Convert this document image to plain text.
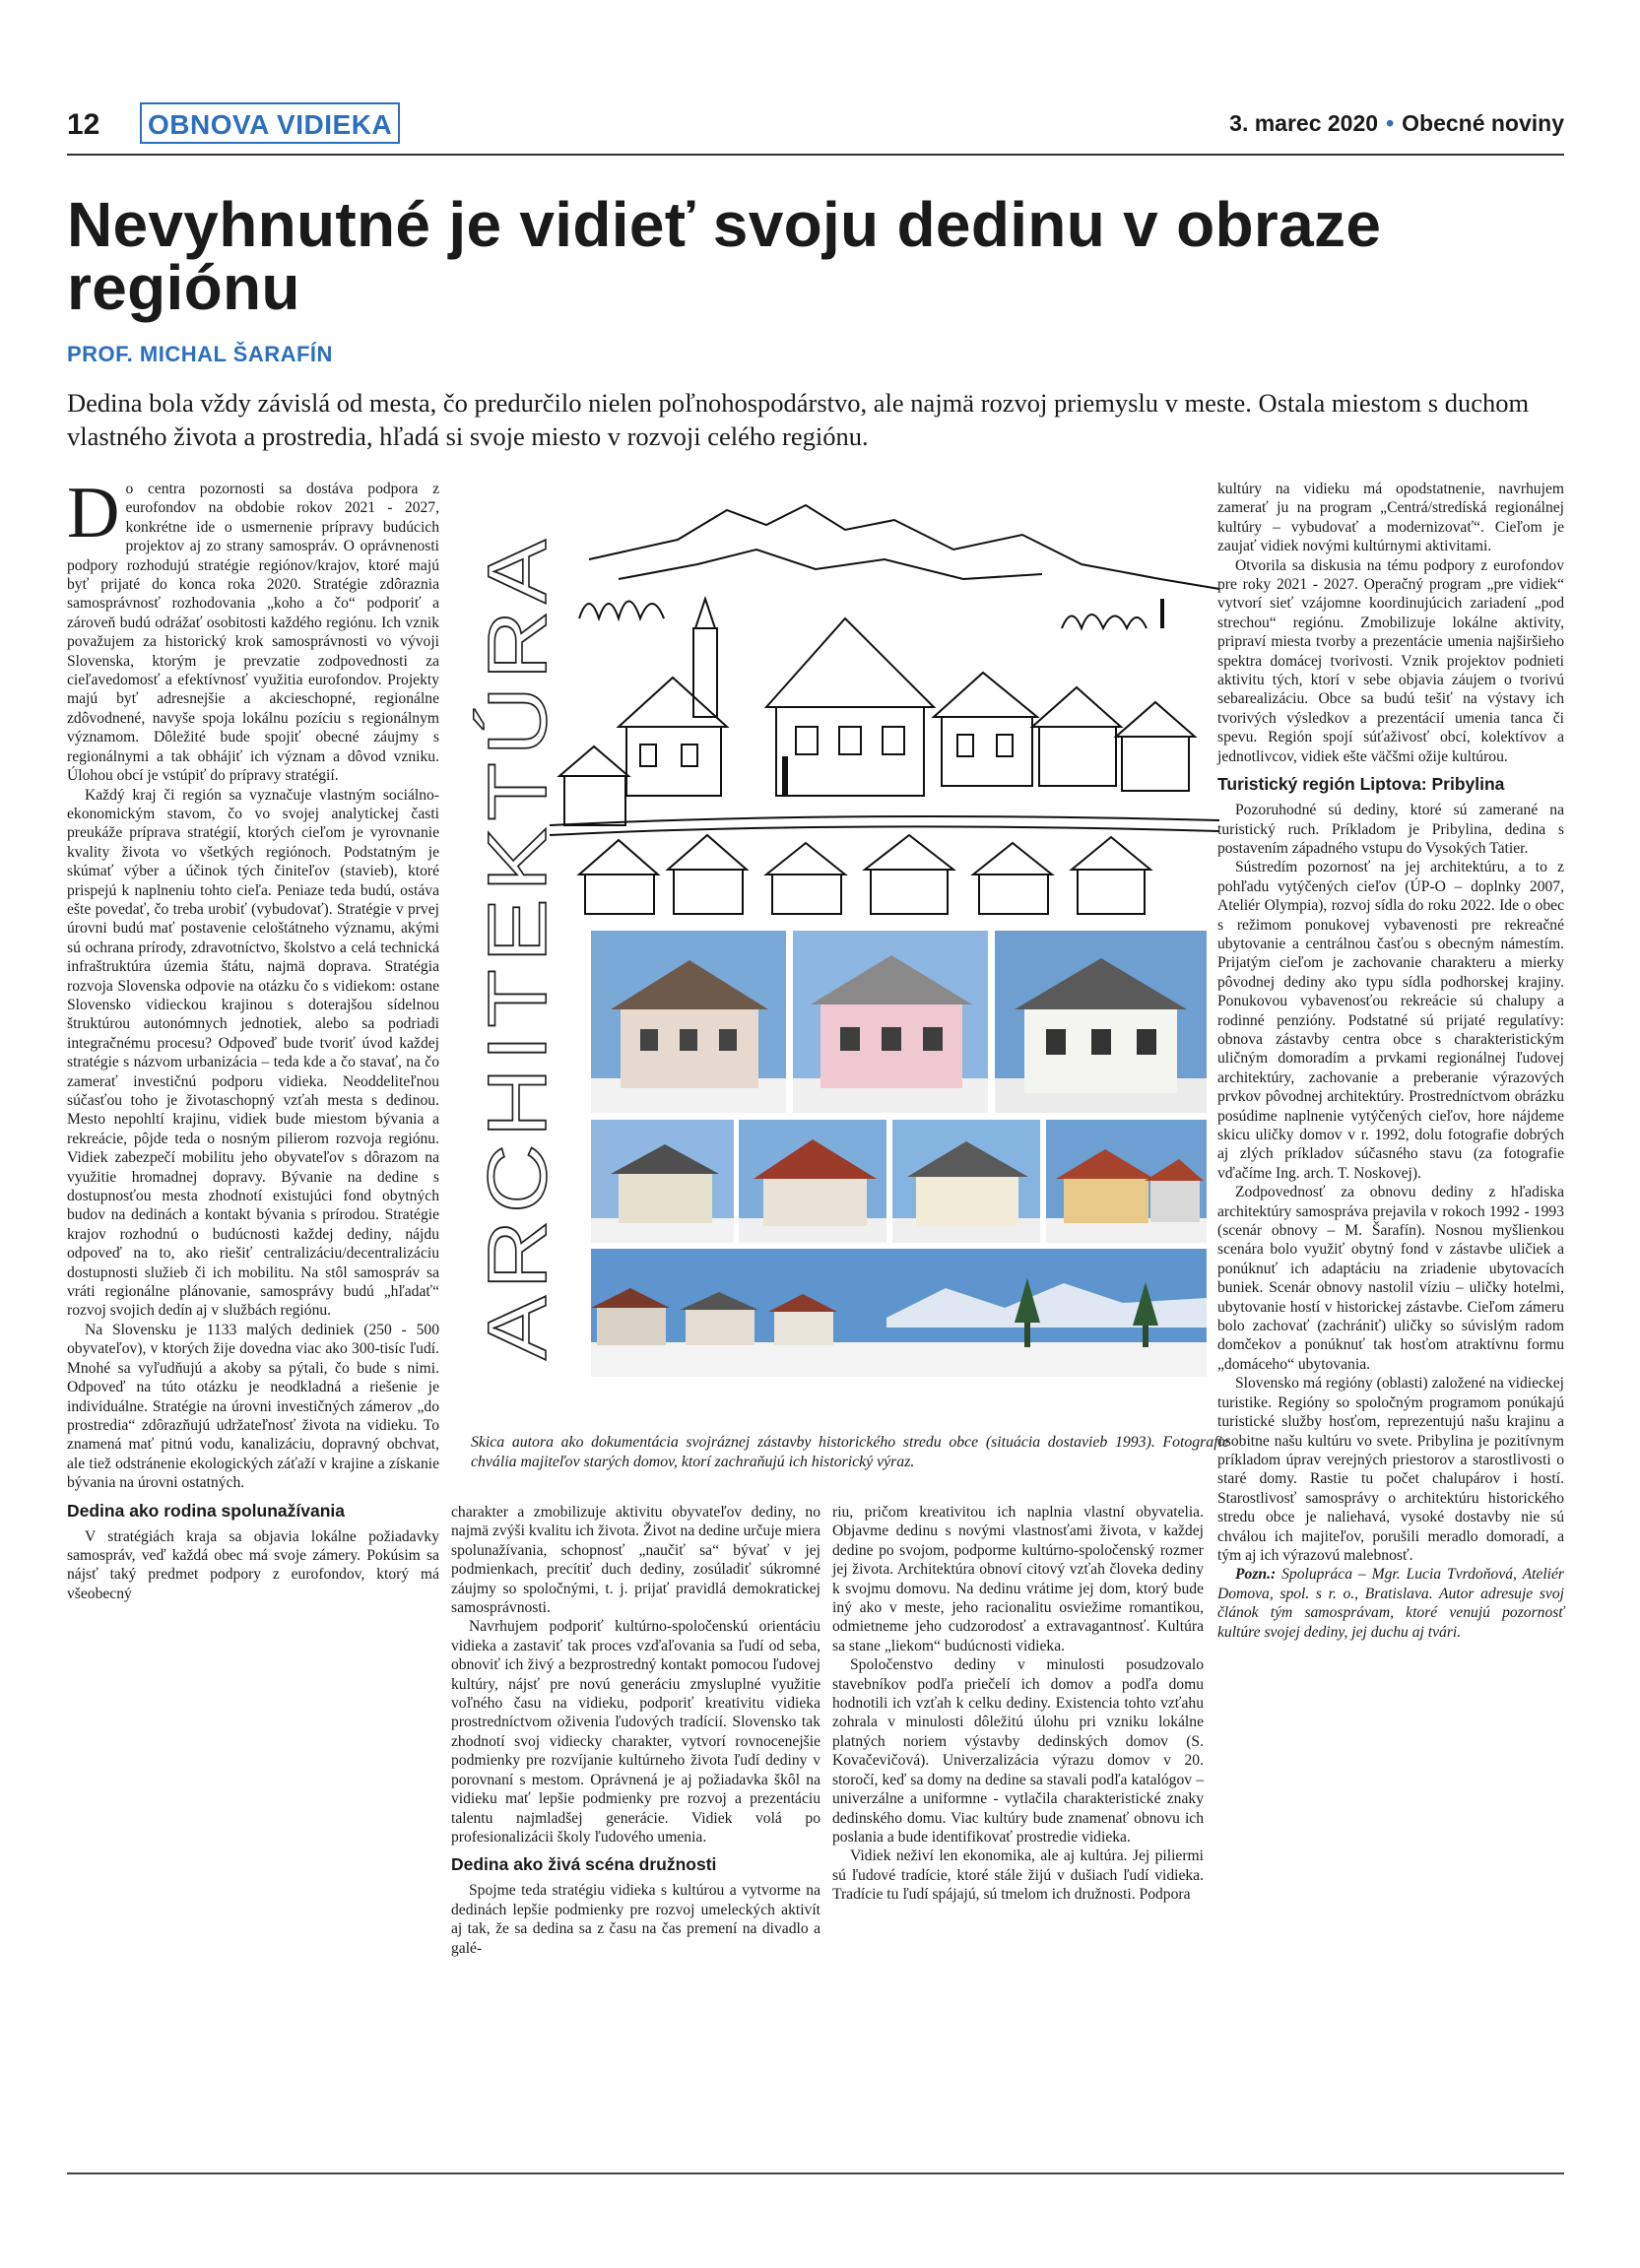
12 OBNOVA VIDIEKA	3. marec 2020 • Obecné noviny
Nevyhnutné je vidieť svoju dedinu v obraze regiónu
PROF. MICHAL ŠARAFÍN

Dedina bola vždy závislá od mesta, čo predurčilo nielen poľnohospodárstvo, ale najmä rozvoj priemyslu v meste. Ostala miestom s duchom vlastného života a prostredia, hľadá si svoje miesto v rozvoji celého regiónu.

Do centra pozornosti sa dostáva podpora z eurofondov na obdobie rokov 2021 - 2027, konkrétne ide o usmernenie prípravy budúcich projektov aj zo strany samospráv. O oprávnenosti podpory rozhodujú stratégie regiónov/krajov, ktoré majú byť prijaté do konca roka 2020. Stratégie zdôraznia samosprávnosť rozhodovania „koho a čo“ podporiť a zároveň budú odrážať osobitosti každého regiónu. Ich vznik považujem za historický krok samosprávnosti vo vývoji Slovenska, ktorým je prevzatie zodpovednosti za cieľavedomosť a efektívnosť využitia eurofondov. Projekty majú byť adresnejšie a akcieschopné, regionálne zdôvodnené, navyše spoja lokálnu pozíciu s regionálnym významom. Dôležité bude spojiť obecné záujmy s regionálnymi a tak obhájiť ich význam a dôvod vzniku. Úlohou obcí je vstúpiť do prípravy stratégií.

Každý kraj či región sa vyznačuje vlastným sociálno-ekonomickým stavom, čo vo svojej analytickej časti preukáže príprava stratégií, ktorých cieľom je vyrovnanie kvality života vo všetkých regiónoch. Podstatným je skúmať výber a účinok tých činiteľov (stavieb), ktoré prispejú k naplneniu tohto cieľa. Peniaze teda budú, ostáva ešte povedať, čo treba urobiť (vybudovať). Stratégie v prvej úrovni budú mať postavenie celoštátneho významu, akými sú ochrana prírody, zdravotníctvo, školstvo a celá technická infraštruktúra územia štátu, najmä doprava. Stratégia rozvoja Slovenska odpovie na otázku čo s vidiekom: ostane Slovensko vidieckou krajinou s doterajšou sídelnou štruktúrou autonómnych jednotiek, alebo sa podriadi integračnému procesu? Odpoveď bude tvoriť úvod každej stratégie s názvom urbanizácia – teda kde a čo stavať, na čo zamerať investičnú podporu vidieka. Neoddeliteľnou súčasťou toho je životaschopný vzťah mesta s dedinou. Mesto nepohltí krajinu, vidiek bude miestom bývania a rekreácie, pôjde teda o nosným pilierom rozvoja regiónu. Vidiek zabezpečí mobilitu jeho obyvateľov s dôrazom na využitie hromadnej dopravy. Bývanie na dedine s dostupnosťou mesta zhodnotí existujúci fond obytných budov na dedinách a kontakt bývania s prírodou. Stratégie krajov rozhodnú o budúcnosti každej dediny, nájdu odpoveď na to, ako riešiť centralizáciu/decentralizáciu dostupnosti služieb či ich mobilitu. Na stôl samospráv sa vráti regionálne plánovanie, samosprávy budú „hľadať“ rozvoj svojich dedín aj v službách regiónu.

Na Slovensku je 1133 malých dediniek (250 - 500 obyvateľov), v ktorých žije dovedna viac ako 300-tisíc ľudí. Mnohé sa vyľudňujú a akoby sa pýtali, čo bude s nimi. Odpoveď na túto otázku je neodkladná a riešenie je individuálne. Stratégie na úrovni investičných zámerov „do prostredia“ zdôrazňujú udržateľnosť života na vidieku. To znamená mať pitnú vodu, kanalizáciu, dopravný obchvat, ale tiež odstránenie ekologických záťaží v krajine a získanie bývania na úrovni ostatných.

Dedina ako rodina spolunažívania

V stratégiách kraja sa objavia lokálne požiadavky samospráv, veď každá obec má svoje zámery. Pokúsim sa nájsť taký predmet podpory z eurofondov, ktorý má všeobecný

ARCHITEKTÚRA

Skica autora ako dokumentácia svojráznej zástavby historického stredu obce (situácia dostavieb 1993). Fotografie chvália majiteľov starých domov, ktorí zachraňujú ich historický výraz.

charakter a zmobilizuje aktivitu obyvateľov dediny, no najmä zvýši kvalitu ich života. Život na dedine určuje miera spolunažívania, schopnosť „naučiť sa“ bývať v jej podmienkach, precítiť duch dediny, zosúladiť súkromné záujmy so spoločnými, t. j. prijať pravidlá demokratickej samosprávnosti.

Navrhujem podporiť kultúrno-spoločenskú orientáciu vidieka a zastaviť tak proces vzďaľovania sa ľudí od seba, obnoviť ich živý a bezprostredný kontakt pomocou ľudovej kultúry, nájsť pre novú generáciu zmysluplné využitie voľného času na vidieku, podporiť kreativitu vidieka prostredníctvom oživenia ľudových tradícií. Slovensko tak zhodnotí svoj vidiecky charakter, vytvorí rovnocenejšie podmienky pre rozvíjanie kultúrneho života ľudí dediny v porovnaní s mestom. Oprávnená je aj požiadavka škôl na vidieku mať lepšie podmienky pre rozvoj a prezentáciu talentu najmladšej generácie. Vidiek volá po profesionalizácii školy ľudového umenia.

Dedina ako živá scéna družnosti

Spojme teda stratégiu vidieka s kultúrou a vytvorme na dedinách lepšie podmienky pre rozvoj umeleckých aktivít aj tak, že sa dedina sa z času na čas premení na divadlo a galé-

riu, pričom kreativitou ich naplnia vlastní obyvatelia. Objavme dedinu s novými vlastnosťami života, v každej dedine po svojom, podporme kultúrno-spoločenský rozmer jej života. Architektúra obnoví citový vzťah človeka dediny k svojmu domovu. Na dedinu vrátime jej dom, ktorý bude iný ako v meste, jeho racionalitu osviežime romantikou, odmietneme jeho cudzorodosť a extravagantnosť. Kultúra sa stane „liekom“ budúcnosti vidieka.

Spoločenstvo dediny v minulosti posudzovalo stavebníkov podľa priečelí ich domov a podľa domu hodnotili ich vzťah k celku dediny. Existencia tohto vzťahu zohrala v minulosti dôležitú úlohu pri vzniku lokálne platných noriem výstavby dedinských domov (S. Kovačevičová). Univerzalizácia výrazu domov v 20. storočí, keď sa domy na dedine sa stavali podľa katalógov – univerzálne a uniformne - vytlačila charakteristické znaky dedinského domu. Viac kultúry bude znamenať obnovu ich poslania a bude identifikovať prostredie vidieka.

Vidiek neživí len ekonomika, ale aj kultúra. Jej piliermi sú ľudové tradície, ktoré stále žijú v dušiach ľudí vidieka. Tradície tu ľudí spájajú, sú tmelom ich družnosti. Podpora

kultúry na vidieku má opodstatnenie, navrhujem zamerať ju na program „Centrá/stredíská regionálnej kultúry – vybudovať a modernizovať“. Cieľom je zaujať vidiek novými kultúrnymi aktivitami.

Otvorila sa diskusia na tému podpory z eurofondov pre roky 2021 - 2027. Operačný program „pre vidiek“ vytvorí sieť vzájomne koordinujúcich zariadení „pod strechou“ regiónu. Zmobilizuje lokálne aktivity, pripraví miesta tvorby a prezentácie umenia najširšieho spektra domácej tvorivosti. Vznik projektov podnieti aktivitu tých, ktorí v sebe objavia záujem o tvorivú sebarealizáciu. Obce sa budú tešiť na výstavy ich tvorivých výsledkov a prezentácií umenia tanca či spevu. Región spojí súťaživosť obcí, kolektívov a jednotlivcov, vidiek ešte väčšmi ožije kultúrou.

Turistický región Liptova: Pribylina

Pozoruhodné sú dediny, ktoré sú zamerané na turistický ruch. Príkladom je Pribylina, dedina s postavením západného vstupu do Vysokých Tatier.

Sústredím pozornosť na jej architektúru, a to z pohľadu vytýčených cieľov (ÚP-O – doplnky 2007, Ateliér Olympia), rozvoj sídla do roku 2022. Ide o obec s režimom ponukovej vybavenosti pre rekreačné ubytovanie a centrálnou časťou s obecným námestím. Prijatým cieľom je zachovanie charakteru a mierky pôvodnej dediny ako typu sídla podhorskej krajiny. Ponukovou vybavenosťou rekreácie sú chalupy a rodinné penzióny. Podstatné sú prijaté regulatívy: obnova zástavby centra obce s charakteristickým uličným domoradím a prvkami regionálnej ľudovej architektúry, zachovanie a preberanie výrazových prvkov pôvodnej architektúry. Prostredníctvom obrázku posúdime naplnenie vytýčených cieľov, hore nájdeme skicu uličky domov v r. 1992, dolu fotografie dobrých aj zlých príkladov súčasného stavu (za fotografie vďačíme Ing. arch. T. Noskovej).

Zodpovednosť za obnovu dediny z hľadiska architektúry samospráva prejavila v rokoch 1992 - 1993 (scenár obnovy – M. Šarafín). Nosnou myšlienkou scenára bolo využiť obytný fond v zástavbe uličiek a ponúknuť ich adaptáciu na zriadenie ubytovacích buniek. Scenár obnovy nastolil víziu – uličky hotelmi, ubytovanie hostí v historickej zástavbe. Cieľom zámeru bolo zachovať (zachrániť) uličky so súvislým radom domčekov a ponúknuť tak hosťom atraktívnu formu „domáceho“ ubytovania.

Slovensko má regióny (oblasti) založené na vidieckej turistike. Regióny so spoločným programom ponúkajú turistické služby hosťom, reprezentujú našu krajinu a osobitne našu kultúru vo svete. Pribylina je pozitívnym príkladom úprav verejných priestorov a starostlivosti o staré domy. Rastie tu počet chalupárov i hostí. Starostlivosť samosprávy o architektúru historického stredu obce je naliehavá, vysoké dostavby nie sú chválou ich majiteľov, porušili meradlo domoradí, a tým aj ich výrazovú malebnosť.

Pozn.: Spolupráca – Mgr. Lucia Tvrdoňová, Ateliér Domova, spol. s r. o., Bratislava. Autor adresuje svoj článok tým samosprávam, ktoré venujú pozornosť kultúre svojej dediny, jej duchu aj tvári.
